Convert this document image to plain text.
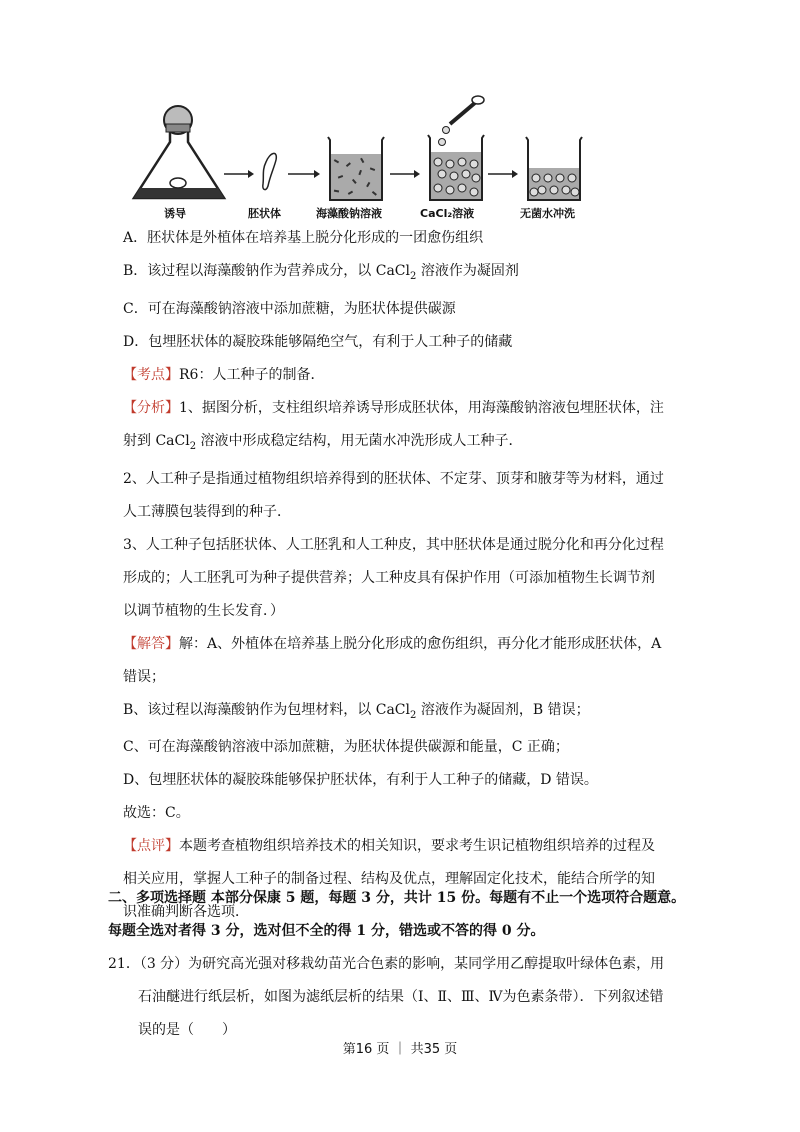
诱导	胚状体	海藻酸钠溶液	CaCl₂溶液	无菌水冲洗
A．胚状体是外植体在培养基上脱分化形成的一团愈伤组织
B．该过程以海藻酸钠作为营养成分，以 CaCl$_2$ 溶液作为凝固剂
C．可在海藻酸钠溶液中添加蔗糖，为胚状体提供碳源
D．包埋胚状体的凝胶珠能够隔绝空气，有利于人工种子的储藏
【考点】R6：人工种子的制备．
【分析】1、据图分析，支柱组织培养诱导形成胚状体，用海藻酸钠溶液包埋胚状体，注
射到 CaCl$_2$ 溶液中形成稳定结构，用无菌水冲洗形成人工种子．
2、人工种子是指通过植物组织培养得到的胚状体、不定芽、顶芽和腋芽等为材料，通过
人工薄膜包装得到的种子．
3、人工种子包括胚状体、人工胚乳和人工种皮，其中胚状体是通过脱分化和再分化过程
形成的；人工胚乳可为种子提供营养；人工种皮具有保护作用（可添加植物生长调节剂
以调节植物的生长发育．）
【解答】解：A、外植体在培养基上脱分化形成的愈伤组织，再分化才能形成胚状体，A
错误；
B、该过程以海藻酸钠作为包埋材料，以 CaCl$_2$ 溶液作为凝固剂，B 错误；
C、可在海藻酸钠溶液中添加蔗糖，为胚状体提供碳源和能量，C 正确；
D、包埋胚状体的凝胶珠能够保护胚状体，有利于人工种子的储藏，D 错误。
故选：C。
【点评】本题考查植物组织培养技术的相关知识，要求考生识记植物组织培养的过程及
相关应用，掌握人工种子的制备过程、结构及优点，理解固定化技术，能结合所学的知
识准确判断各选项．
二、多项选择题 本部分保康 5 题，每题 3 分，共计 15 份。每题有不止一个选项符合题意。
每题全选对者得 3 分，选对但不全的得 1 分，错选或不答的得 0 分。
21．（3 分）为研究高光强对移栽幼苗光合色素的影响，某同学用乙醇提取叶绿体色素，用
石油醚进行纸层析，如图为滤纸层析的结果（Ⅰ、Ⅱ、Ⅲ、Ⅳ为色素条带）．下列叙述错
误的是（　　）
第16 页 ｜ 共35 页
